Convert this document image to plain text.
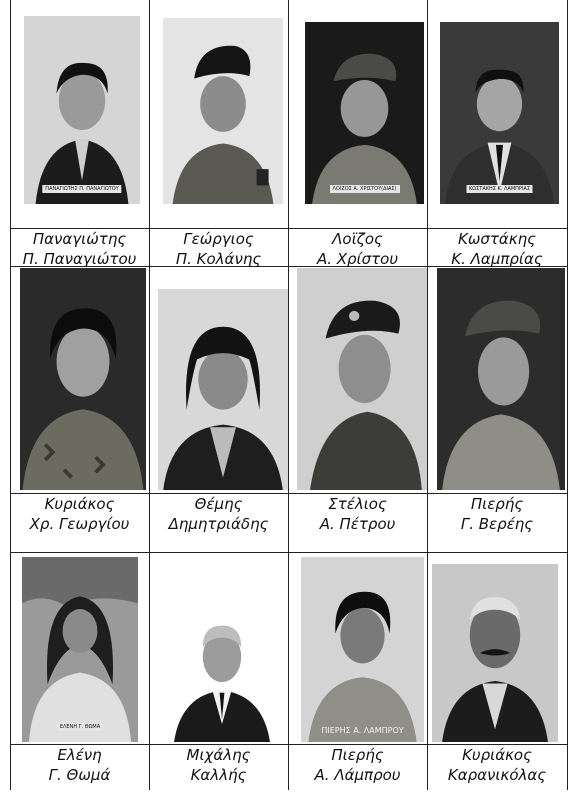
ΠΑΝΑΓΙΩΤΗΣ Π. ΠΑΝΑΓΙΩΤΟΥ	ΛΟΙΖΟΣ Α. ΧΡΙΣΤΟΥ(ΔΙΑΣ)	ΚΩΣΤΑΚΗΣ Κ. ΛΑΜΠΡΙΑΣ
Παναγιώτης
Π. Παναγιώτου
Γεώργιος
Π. Κολάνης
Λοϊζος
Α. Χρίστου
Κωστάκης
Κ. Λαμπρίας
Κυριάκος
Χρ. Γεωργίου
Θέμης
Δημητριάδης
Στέλιος
Α. Πέτρου
Πιερής
Γ. Βερέης
ΕΛΕΝΗ Γ. ΘΩΜΑ	ΠΙΕΡΗΣ Α. ΛΑΜΠΡΟΥ
Ελένη
Γ. Θωμά
Μιχάλης
Καλλής
Πιερής
Α. Λάμπρου
Κυριάκος
Καρανικόλας
